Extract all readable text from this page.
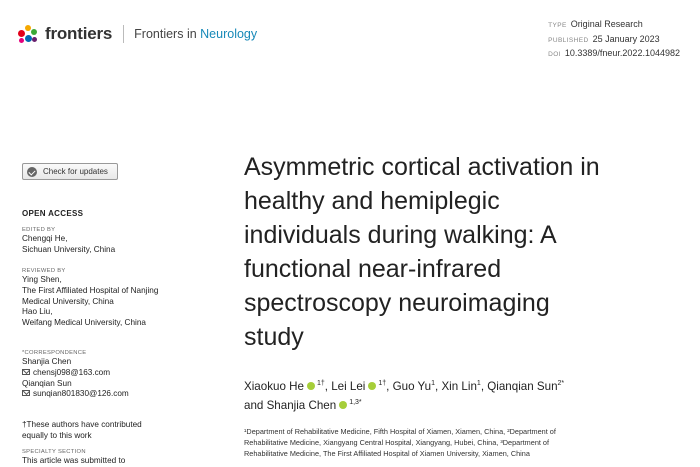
frontiers Frontiers in Neurology
TYPE Original Research
PUBLISHED 25 January 2023
DOI 10.3389/fneur.2022.1044982
Check for updates
OPEN ACCESS
EDITED BY
Chengqi He,
Sichuan University, China
REVIEWED BY
Ying Shen,
The First Affiliated Hospital of Nanjing
Medical University, China
Hao Liu,
Weifang Medical University, China
*CORRESPONDENCE
Shanjia Chen
chensj098@163.com
Qianqian Sun
sunqian801830@126.com
†These authors have contributed
equally to this work
SPECIALTY SECTION
This article was submitted to
Asymmetric cortical activation in
healthy and hemiplegic
individuals during walking: A
functional near-infrared
spectroscopy neuroimaging
study
Xiaokuo He $^{1\dagger}$, Lei Lei $^{1\dagger}$, Guo Yu$^1$, Xin Lin$^1$, Qianqian Sun$^{2*}$
and Shanjia Chen $^{1,3*}$
¹Department of Rehabilitative Medicine, Fifth Hospital of Xiamen, Xiamen, China, ²Department of
Rehabilitative Medicine, Xiangyang Central Hospital, Xiangyang, Hubei, China, ³Department of
Rehabilitative Medicine, The First Affiliated Hospital of Xiamen University, Xiamen, China
